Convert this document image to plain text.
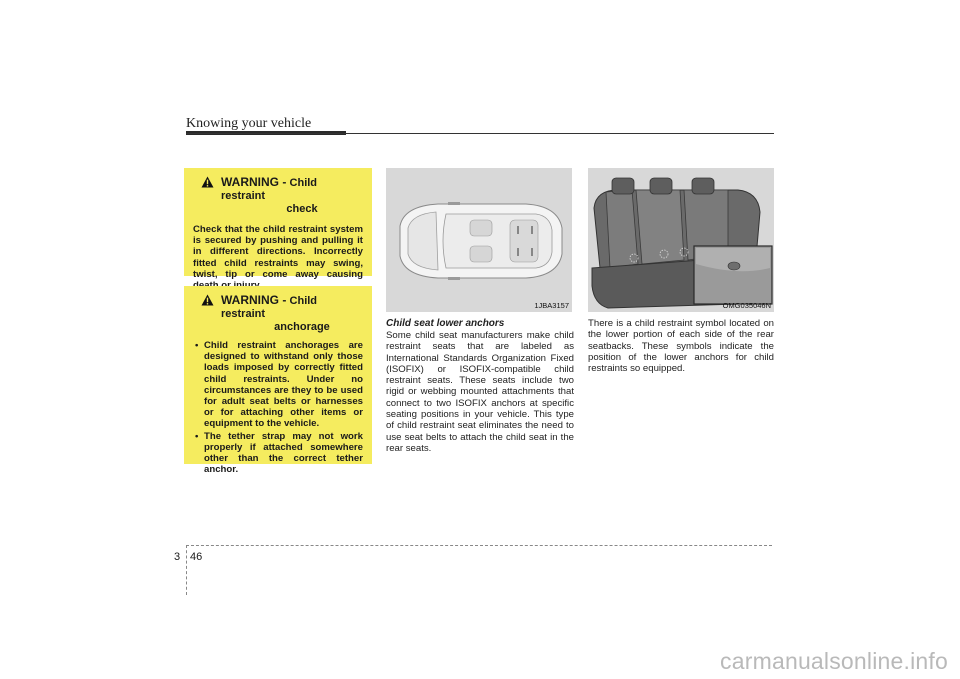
Knowing your vehicle
WARNING - Child restraint
check
Check that the child restraint system is secured by pushing and pulling it in different directions. Incorrectly fitted child restraints may swing, twist, tip or come away causing
WARNING - Child restraint
anchorage
• Child restraint anchorages are designed to withstand only those loads imposed by correctly fitted child restraints. Under no circumstances are they to be used for adult seat belts or harnesses or for attaching other items or equipment to the vehicle.
• The tether strap may not work properly if attached somewhere other than the correct tether anchor.
1JBA3157
Child seat lower anchors
Some child seat manufacturers make child restraint seats that are labeled as International Standards Organization Fixed (ISOFIX) or ISOFIX-compatible child restraint seats. These seats include two rigid or webbing mounted attachments that connect to two ISOFIX anchors at specific seating positions in your vehicle. This type of child restraint seat eliminates the need to use seat belts to attach the child seat in the rear seats.
OMG035046N
There is a child restraint symbol located on the lower portion of each side of the rear seatbacks. These symbols indicate the position of the lower anchors for child restraints so equipped.
3 46
carmanualsonline.info
